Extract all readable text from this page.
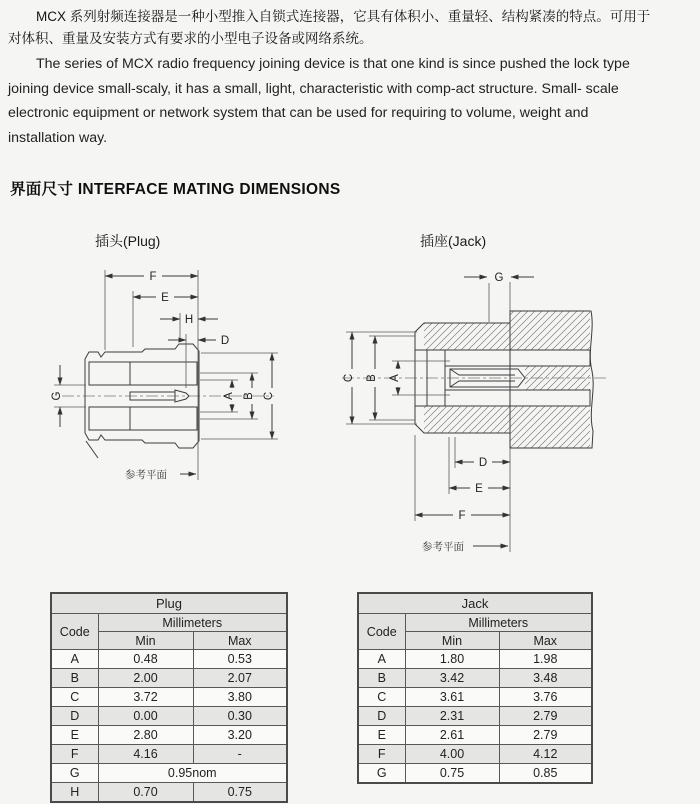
MCX 系列射频连接器是一种小型推入自锁式连接器，它具有体积小、重量轻、结构紧凑的特点。可用于
对体积、重量及安装方式有要求的小型电子设备或网络系统。
The series of MCX radio frequency joining device is that one kind is since pushed the lock type
joining device small-scaly, it has a small, light, characteristic with comp-act structure. Small- scale
electronic equipment or network system that can be used for requiring to volume, weight and
installation way.
界面尺寸 INTERFACE MATING DIMENSIONS
插头(Plug)	插座(Jack)
F
E
H
D
G	A B C
参考平面
G
C B A
D
E
F
参考平面
Plug		
Code	Millimeters	
	Min	Max
A	0.48	0.53
B	2.00	2.07
C	3.72	3.80
D	0.00	0.30
E	2.80	3.20
F	4.16	-
G	0.95nom	
H	0.70	0.75
Jack		
Code	Millimeters	
	Min	Max
A	1.80	1.98
B	3.42	3.48
C	3.61	3.76
D	2.31	2.79
E	2.61	2.79
F	4.00	4.12
G	0.75	0.85
